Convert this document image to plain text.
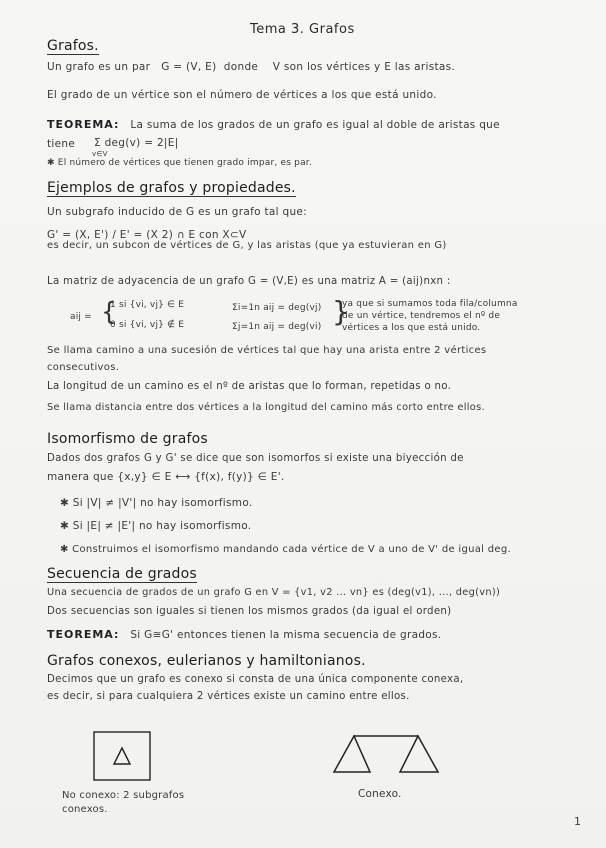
Tema 3. Grafos
Grafos.
Un grafo es un par G = (V, E) donde V son los vértices y E las aristas.
El grado de un vértice son el número de vértices a los que está unido.
TEOREMA: La suma de los grados de un grafo es igual al doble de aristas que
tiene Σ deg(v) = 2|E|
v∈V
✱ El número de vértices que tienen grado impar, es par.
Ejemplos de grafos y propiedades.
Un subgrafo inducido de G es un grafo tal que:
G' = (X, E') / E' = (X 2) ∩ E con X⊂V
es decir, un subcon de vértices de G, y las aristas (que ya estuvieran en G)
La matriz de adyacencia de un grafo G = (V,E) es una matriz A = (aij)nxn :
aij = {
1 si {vi, vj} ∈ E
0 si {vi, vj} ∉ E
Σi=1n aij = deg(vj)
Σj=1n aij = deg(vi) }
ya que si sumamos toda fila/columna
de un vértice, tendremos el nº de
vértices a los que está unido.
Se llama camino a una sucesión de vértices tal que hay una arista entre 2 vértices
consecutivos.
La longitud de un camino es el nº de aristas que lo forman, repetidas o no.
Se llama distancia entre dos vértices a la longitud del camino más corto entre ellos.
Isomorfismo de grafos
Dados dos grafos G y G' se dice que son isomorfos si existe una biyección de
manera que {x,y} ∈ E ⟷ {f(x), f(y)} ∈ E'.
✱ Si |V| ≠ |V'| no hay isomorfismo.
✱ Si |E| ≠ |E'| no hay isomorfismo.
✱ Construimos el isomorfismo mandando cada vértice de V a uno de V' de igual deg.
Secuencia de grados
Una secuencia de grados de un grafo G en V = {v1, v2 ... vn} es (deg(v1), ..., deg(vn))
Dos secuencias son iguales si tienen los mismos grados (da igual el orden)
TEOREMA: Si G≅G' entonces tienen la misma secuencia de grados.
Grafos conexos, eulerianos y hamiltonianos.
Decimos que un grafo es conexo si consta de una única componente conexa,
es decir, si para cualquiera 2 vértices existe un camino entre ellos.
No conexo: 2 subgrafos
conexos.
Conexo.
1
